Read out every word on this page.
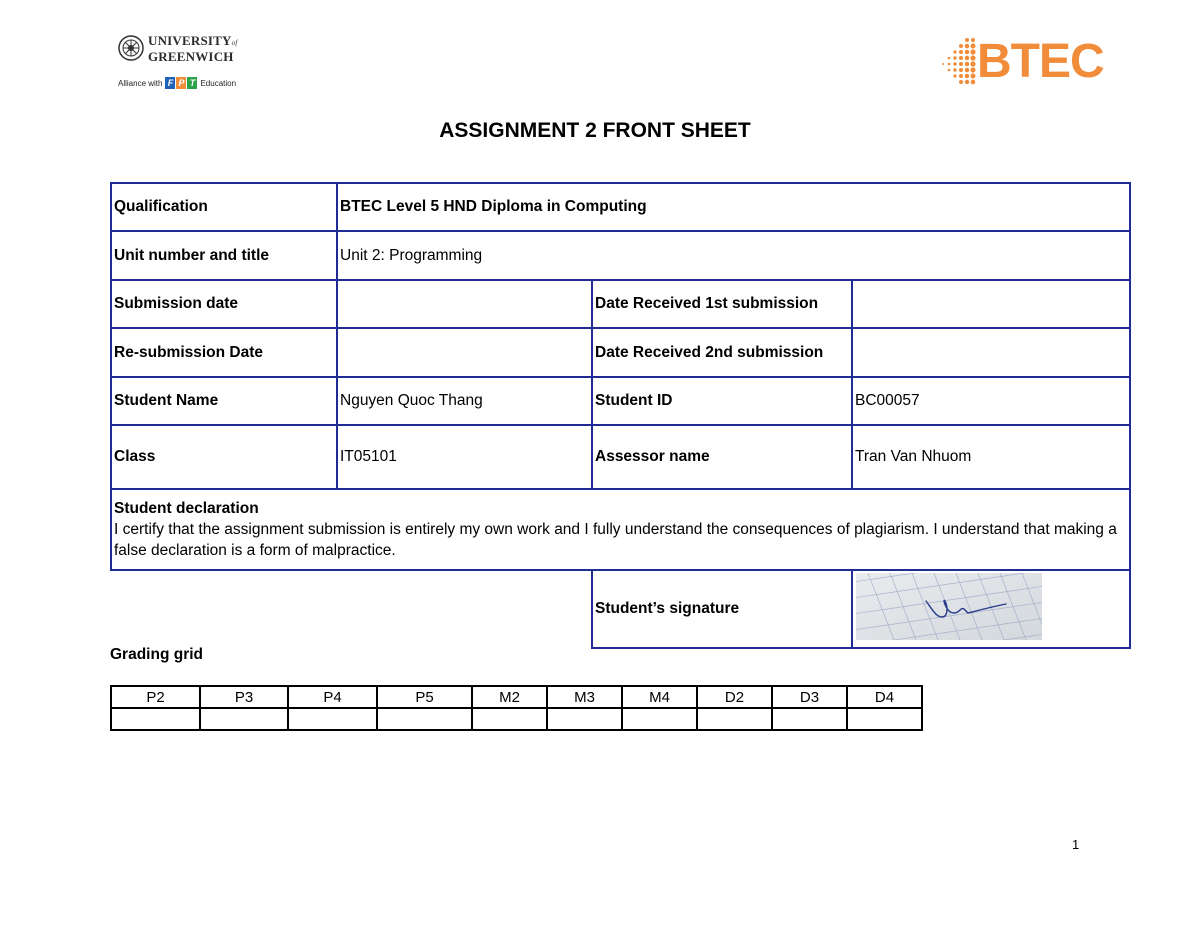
UNIVERSITYof
GREENWICH
Alliance with F P T Education	BTEC
ASSIGNMENT 2 FRONT SHEET
Qualification	BTEC Level 5 HND Diploma in Computing		
Unit number and title	Unit 2: Programming		
Submission date		Date Received 1st submission	
Re-submission Date		Date Received 2nd submission	
Student Name	Nguyen Quoc Thang	Student ID	BC00057
Class	IT05101	Assessor name	Tran Van Nhuom

Student declaration
I certify that the assignment submission is entirely my own work and I fully understand the consequences of plagiarism. I understand that making a false declaration is a form of malpractice.			

		Student’s signature	
Grading grid
P2	P3	P4	P5	M2	M3	M4	D2	D3	D4

1
